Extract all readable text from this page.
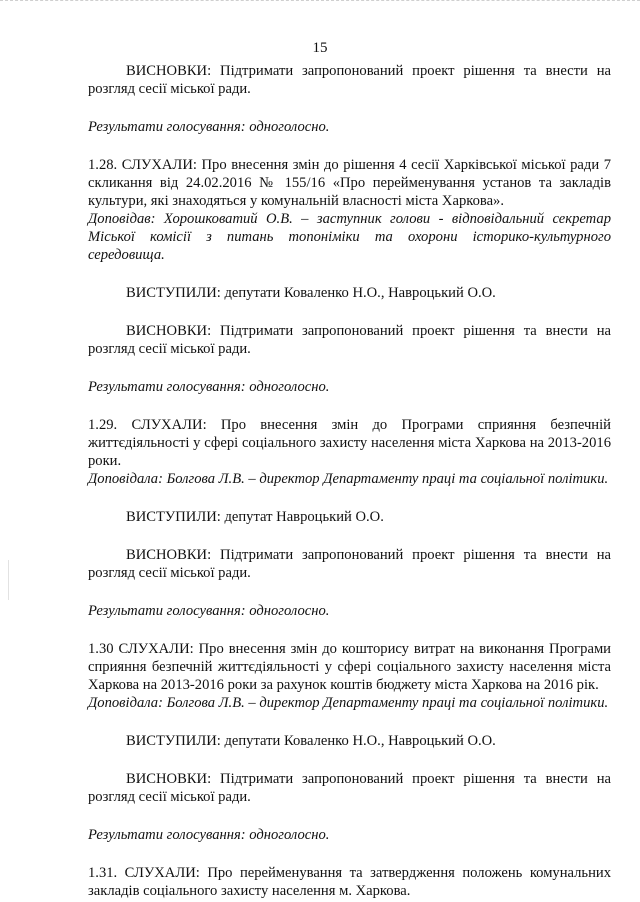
15

ВИСНОВКИ: Підтримати запропонований проект рішення та внести на розгляд сесії міської ради.

Результати голосування: одноголосно.

1.28. СЛУХАЛИ: Про внесення змін до рішення 4 сесії Харківської міської ради 7 скликання від 24.02.2016 № 155/16 «Про перейменування установ та закладів культури, які знаходяться у комунальній власності міста Харкова».

Доповідав: Хорошковатий О.В. – заступник голови - відповідальний секретар Міської комісії з питань топоніміки та охорони історико-культурного середовища.

ВИСТУПИЛИ: депутати Коваленко Н.О., Навроцький О.О.

ВИСНОВКИ: Підтримати запропонований проект рішення та внести на розгляд сесії міської ради.

Результати голосування: одноголосно.

1.29. СЛУХАЛИ: Про внесення змін до Програми сприяння безпечній життєдіяльності у сфері соціального захисту населення міста Харкова на 2013-2016 роки.

Доповідала: Болгова Л.В. – директор Департаменту праці та соціальної політики.

ВИСТУПИЛИ: депутат Навроцький О.О.

ВИСНОВКИ: Підтримати запропонований проект рішення та внести на розгляд сесії міської ради.

Результати голосування: одноголосно.

1.30 СЛУХАЛИ: Про внесення змін до кошторису витрат на виконання Програми сприяння безпечній життєдіяльності у сфері соціального захисту населення міста Харкова на 2013-2016 роки за рахунок коштів бюджету міста Харкова на 2016 рік.

Доповідала: Болгова Л.В. – директор Департаменту праці та соціальної політики.

ВИСТУПИЛИ: депутати Коваленко Н.О., Навроцький О.О.

ВИСНОВКИ: Підтримати запропонований проект рішення та внести на розгляд сесії міської ради.

Результати голосування: одноголосно.

1.31. СЛУХАЛИ: Про перейменування та затвердження положень комунальних закладів соціального захисту населення м. Харкова.
